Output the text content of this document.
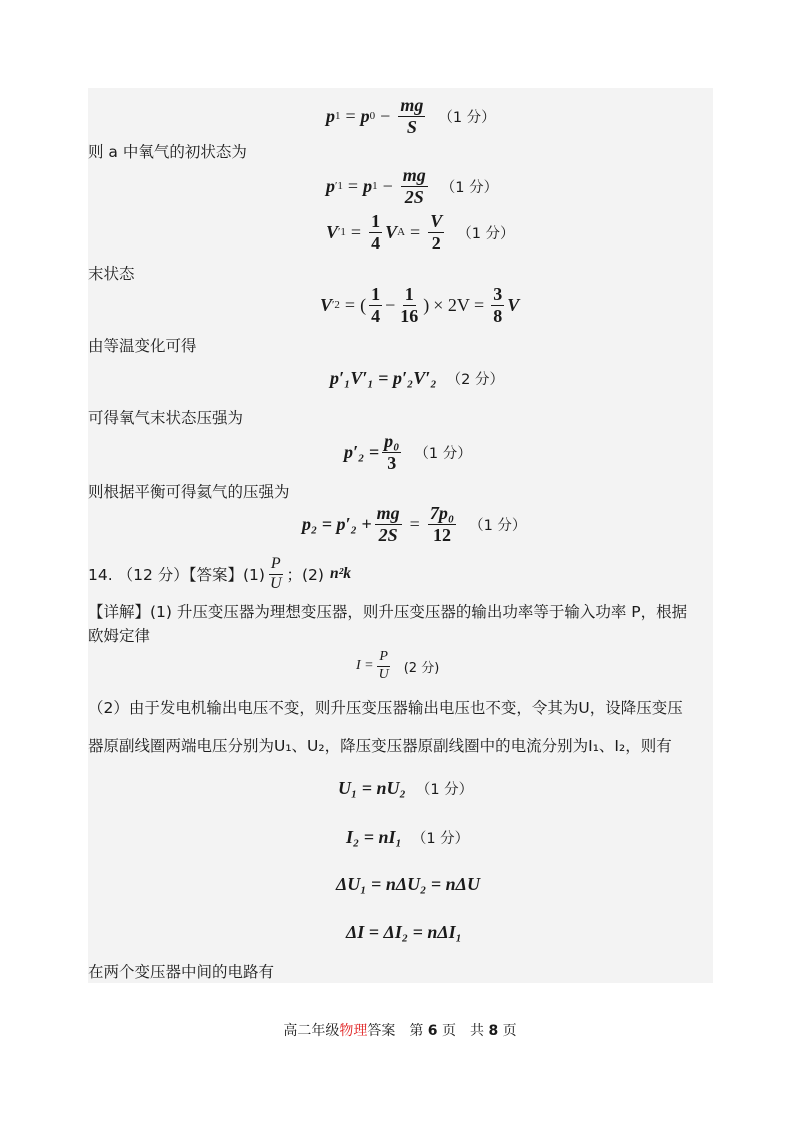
p 1 = p $0 - \frac{mg}{S} (1$ 分）
则 a 中氧气的初状态为
p ′ 1 = p $1 - \frac{mg}{2S} (1$ 分）
V ′ $1 = \frac{1}{4}$ V $A = \frac{V}{2} (1$ 分）
末状态
V ′ 2 = ( $\frac{1}{4} - \frac{1}{16}$ ) × $2V = \frac{3}{8}$ V
由等温变化可得
p′₁V′₁ = p′₂V′₂ （2 分）
可得氧气末状态压强为
$p'_2 = \frac{\text{p₀}}{3} (1$ 分）
则根据平衡可得氦气的压强为
$p_2 = p'_2 + \frac{mg}{2S} = \frac{\text{7p₀}}{12} (1$ 分）
14. （12 分）【答案】$(1) \frac{P}{U}$ ；(2) n²k
【详解】(1) 升压变压器为理想变压器，则升压变压器的输出功率等于输入功率 P，根据
欧姆定律
$I = \frac{P}{U} (2$ 分)
（2）由于发电机输出电压不变，则升压变压器输出电压也不变，令其为U，设降压变压
器原副线圈两端电压分别为U₁、U₂，降压变压器原副线圈中的电流分别为I₁、I₂，则有
U₁ = nU₂ （1 分）
I₂ = nI₁ （1 分）
ΔU₁ = nΔU₂ = nΔU
ΔI = ΔI₂ = nΔI₁
在两个变压器中间的电路有
高二年级物理答案　第 6 页　共 8 页
